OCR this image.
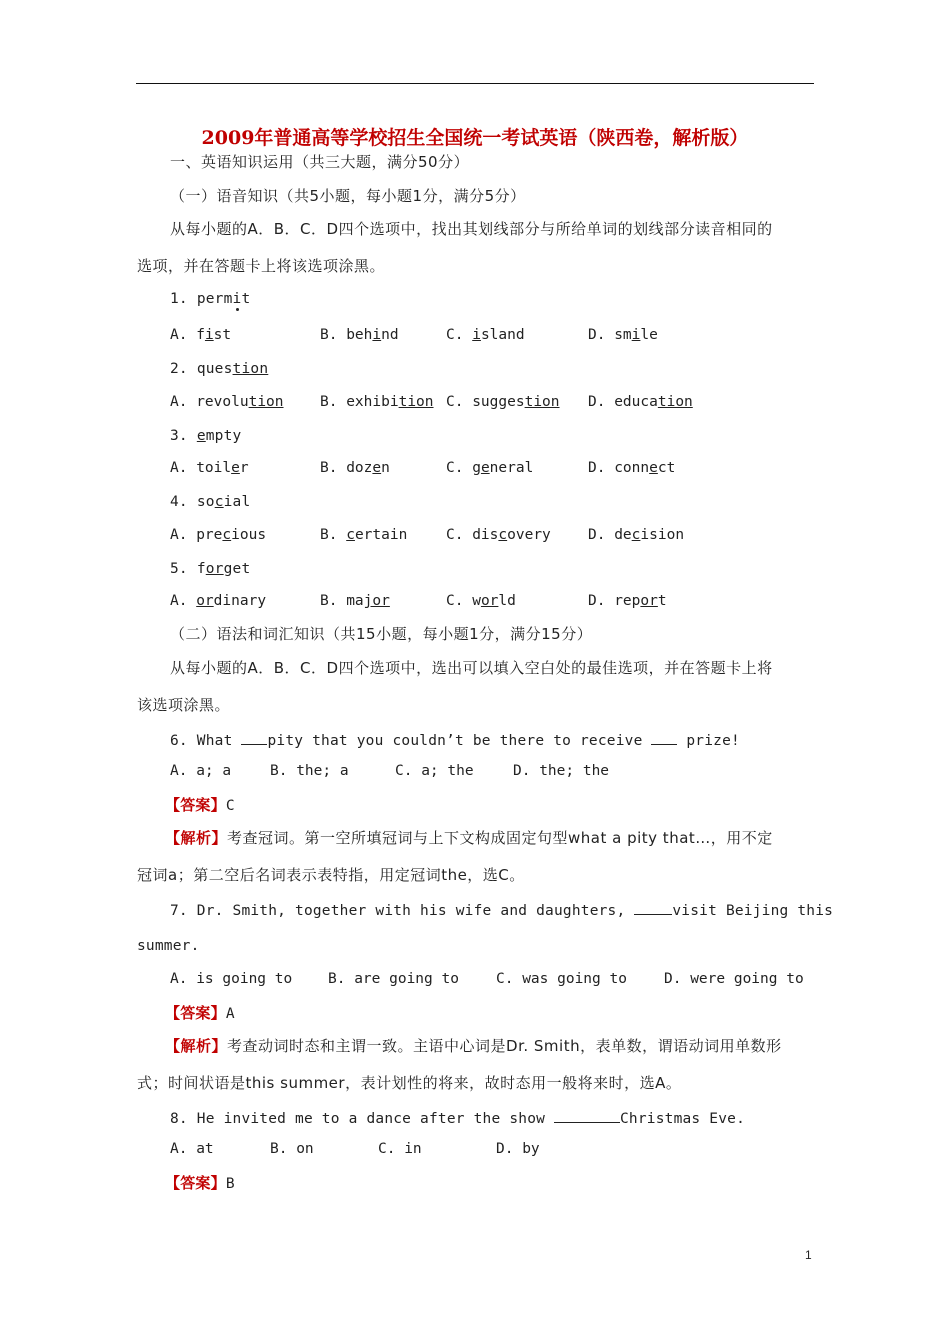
2009年普通高等学校招生全国统一考试英语（陕西卷，解析版）
一、英语知识运用（共三大题，满分50分）
（一）语音知识（共5小题，每小题1分，满分5分）
从每小题的A．B．C．D四个选项中，找出其划线部分与所给单词的划线部分读音相同的
选项，并在答题卡上将该选项涂黑。
1. permit
A. fist	B. behind	C. island	D. smile
2. question
A. revolution	B. exhibition C. suggestion D. education
3. empty
A. toiler	B. dozen	C. general	D. connect
4. social
A. precious	B. certain	C. discovery	D. decision
5. forget
A. ordinary	B. major	C. world	D. report
（二）语法和词汇知识（共15小题，每小题1分，满分15分）
从每小题的A．B．C．D四个选项中，选出可以填入空白处的最佳选项，并在答题卡上将
该选项涂黑。
6. What pity that you couldn’t be there to receive  prize!
A. a; a	B. the; a	C. a; the	D. the; the
【答案】C
【解析】考查冠词。第一空所填冠词与上下文构成固定句型what a pity that…，用不定
冠词a；第二空后名词表示表特指，用定冠词the，选C。
7. Dr. Smith, together with his wife and daughters,	visit Beijing this
summer.
A. is going to B. are going to	C. was going to	D. were going to
【答案】A
【解析】考查动词时态和主谓一致。主语中心词是Dr. Smith，表单数，谓语动词用单数形
式；时间状语是this summer，表计划性的将来，故时态用一般将来时，选A。
8. He invited me to a dance after the show	Christmas Eve.
A. at	B. on	C. in	D. by
【答案】B
1
